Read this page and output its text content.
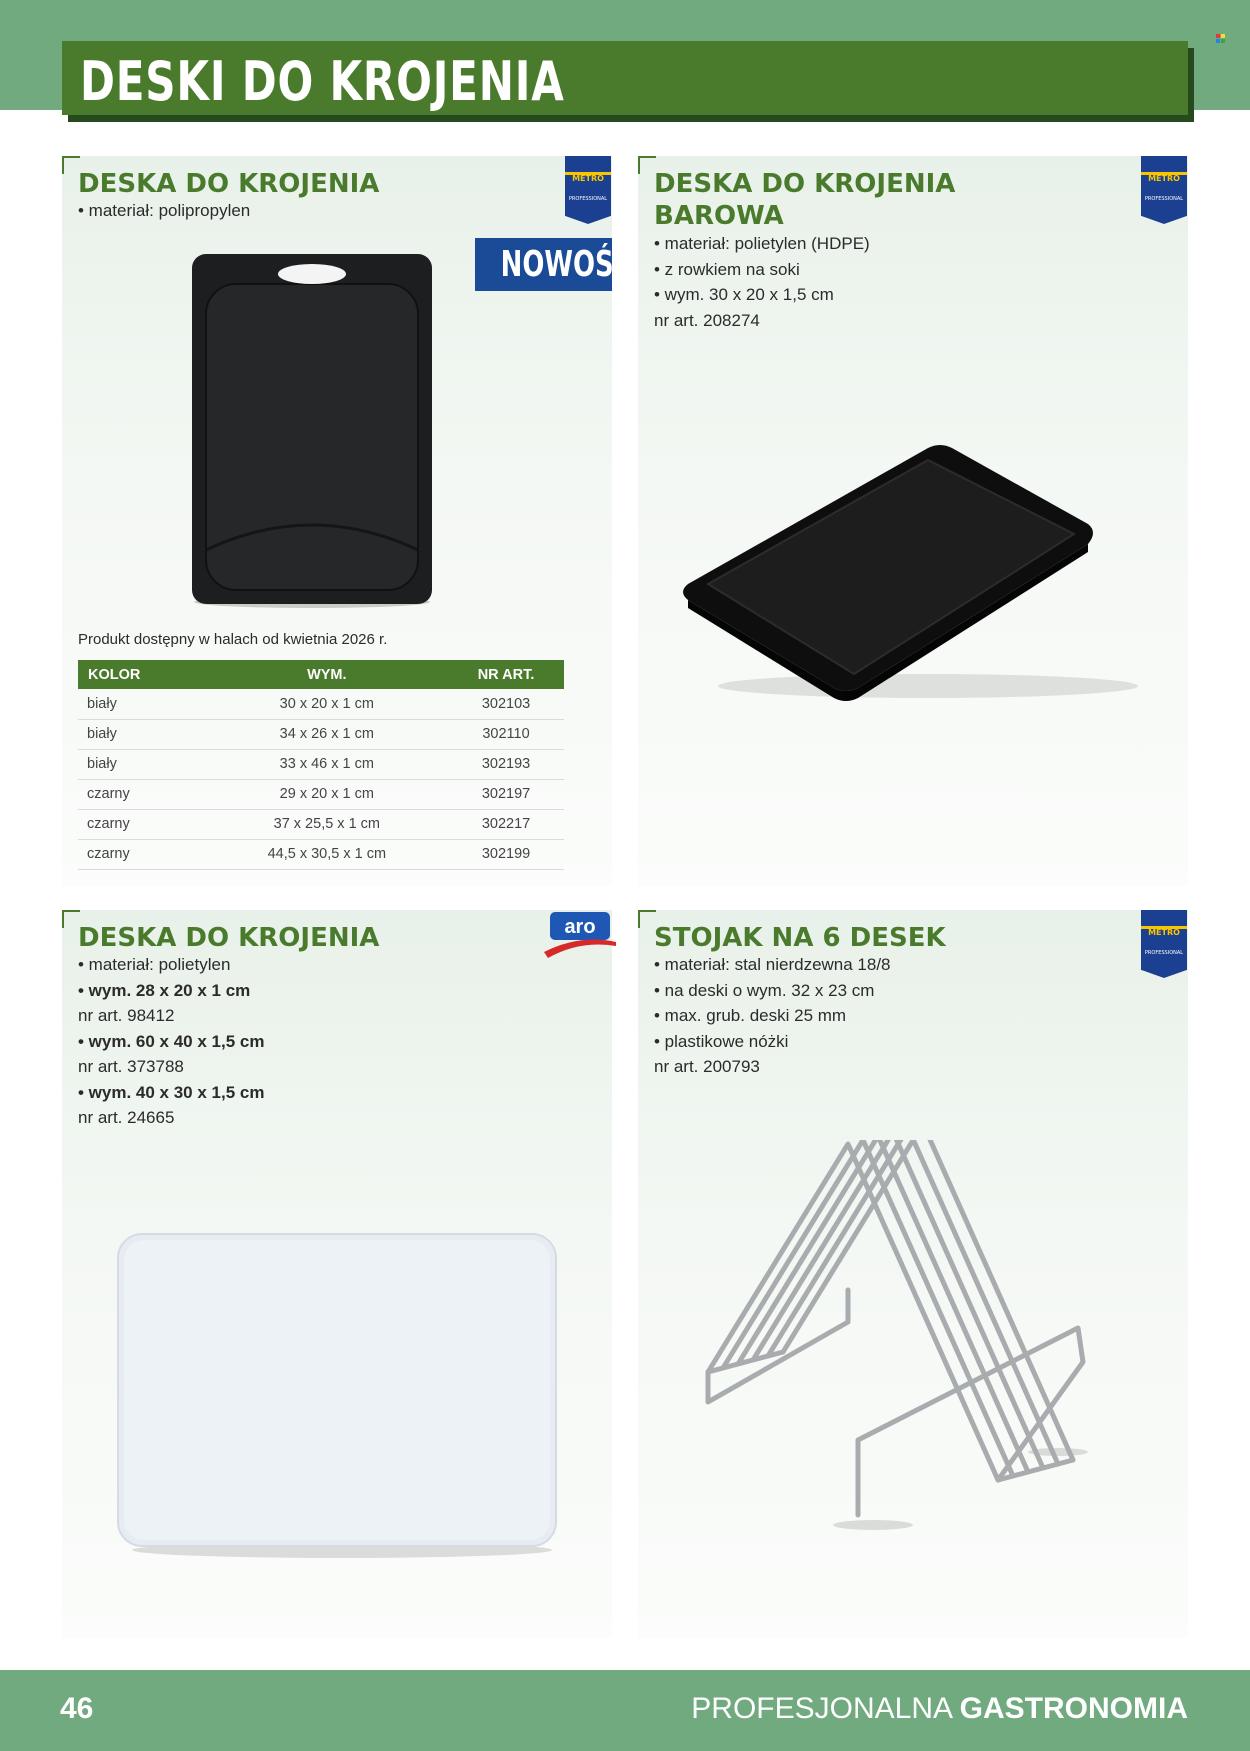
DESKI DO KROJENIA
DESKA DO KROJENIA
• materiał: polipropylen
METRO
PROFESSIONAL
NOWOŚĆ
Produkt dostępny w halach od kwietnia 2026 r.
KOLOR	WYM.	NR ART.
biały	30 x 20 x 1 cm	302103
biały	34 x 26 x 1 cm	302110
biały	33 x 46 x 1 cm	302193
czarny	29 x 20 x 1 cm	302197
czarny	37 x 25,5 x 1 cm	302217
czarny	44,5 x 30,5 x 1 cm	302199
DESKA DO KROJENIA
BAROWA
• materiał: polietylen (HDPE)
• z rowkiem na soki
• wym. 30 x 20 x 1,5 cm
nr art. 208274
METRO
PROFESSIONAL
DESKA DO KROJENIA
• materiał: polietylen
• wym. 28 x 20 x 1 cm
nr art. 98412
• wym. 60 x 40 x 1,5 cm
nr art. 373788
• wym. 40 x 30 x 1,5 cm
nr art. 24665
aro STOJAK NA 6 DESEK
• materiał: stal nierdzewna 18/8
• na deski o wym. 32 x 23 cm
• max. grub. deski 25 mm
• plastikowe nóżki
nr art. 200793
METRO
PROFESSIONAL
46	PROFESJONALNA GASTRONOMIA
